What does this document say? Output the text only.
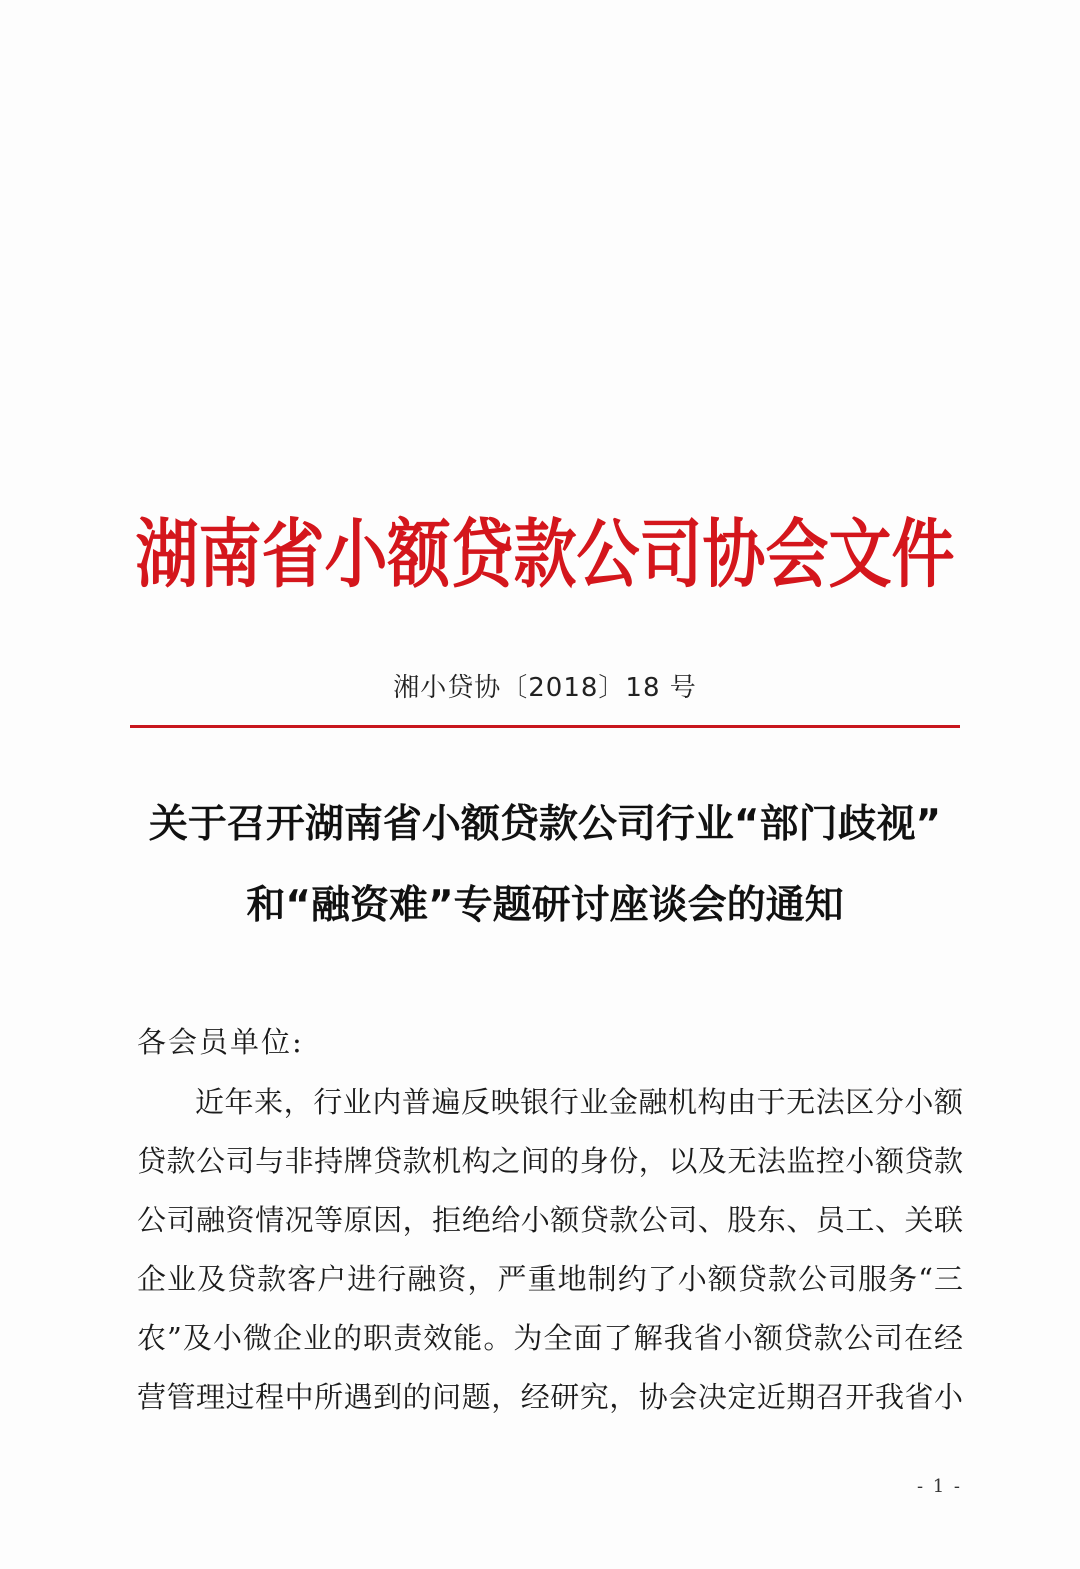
湖南省小额贷款公司协会文件
湘小贷协〔2018〕18 号
关于召开湖南省小额贷款公司行业“部门歧视”
和“融资难”专题研讨座谈会的通知
各会员单位:
近年来，行业内普遍反映银行业金融机构由于无法区分小额
贷款公司与非持牌贷款机构之间的身份，以及无法监控小额贷款
公司融资情况等原因，拒绝给小额贷款公司、股东、员工、关联
企业及贷款客户进行融资，严重地制约了小额贷款公司服务“三
农”及小微企业的职责效能。为全面了解我省小额贷款公司在经
营管理过程中所遇到的问题，经研究，协会决定近期召开我省小
- 1 -
